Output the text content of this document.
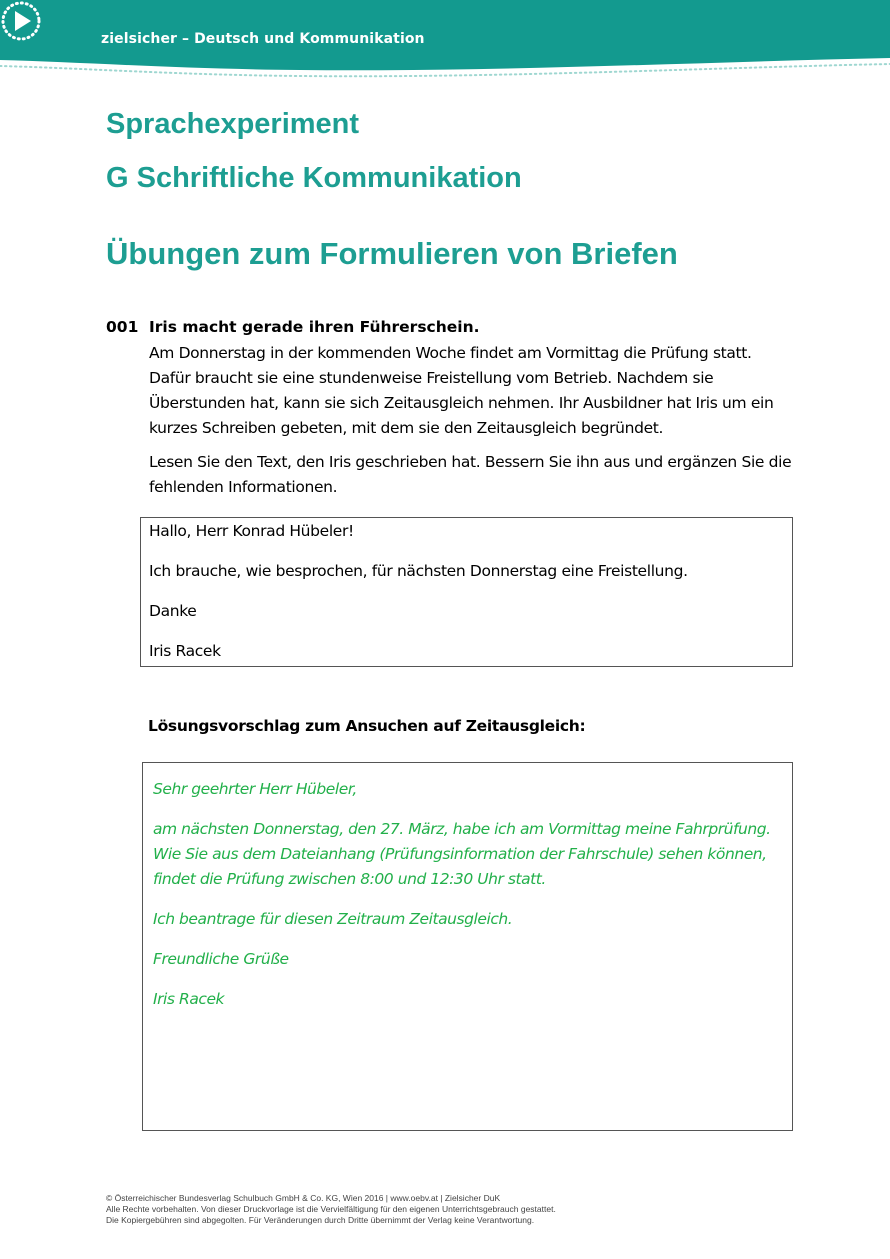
zielsicher – Deutsch und Kommunikation
Sprachexperiment
G Schriftliche Kommunikation
Übungen zum Formulieren von Briefen
001 Iris macht gerade ihren Führerschein.
Am Donnerstag in der kommenden Woche findet am Vormittag die Prüfung statt.
Dafür braucht sie eine stundenweise Freistellung vom Betrieb. Nachdem sie
Überstunden hat, kann sie sich Zeitausgleich nehmen. Ihr Ausbildner hat Iris um ein
kurzes Schreiben gebeten, mit dem sie den Zeitausgleich begründet.
Lesen Sie den Text, den Iris geschrieben hat. Bessern Sie ihn aus und ergänzen Sie die
fehlenden Informationen.
Hallo, Herr Konrad Hübeler!
Ich brauche, wie besprochen, für nächsten Donnerstag eine Freistellung.
Danke
Iris Racek
Lösungsvorschlag zum Ansuchen auf Zeitausgleich:
Sehr geehrter Herr Hübeler,
am nächsten Donnerstag, den 27. März, habe ich am Vormittag meine Fahrprüfung.
Wie Sie aus dem Dateianhang (Prüfungsinformation der Fahrschule) sehen können,
findet die Prüfung zwischen 8:00 und 12:30 Uhr statt.
Ich beantrage für diesen Zeitraum Zeitausgleich.
Freundliche Grüße
Iris Racek
© Österreichischer Bundesverlag Schulbuch GmbH & Co. KG, Wien 2016 | www.oebv.at | Zielsicher DuK
Alle Rechte vorbehalten. Von dieser Druckvorlage ist die Vervielfältigung für den eigenen Unterrichtsgebrauch gestattet.
Die Kopiergebühren sind abgegolten. Für Veränderungen durch Dritte übernimmt der Verlag keine Verantwortung.
